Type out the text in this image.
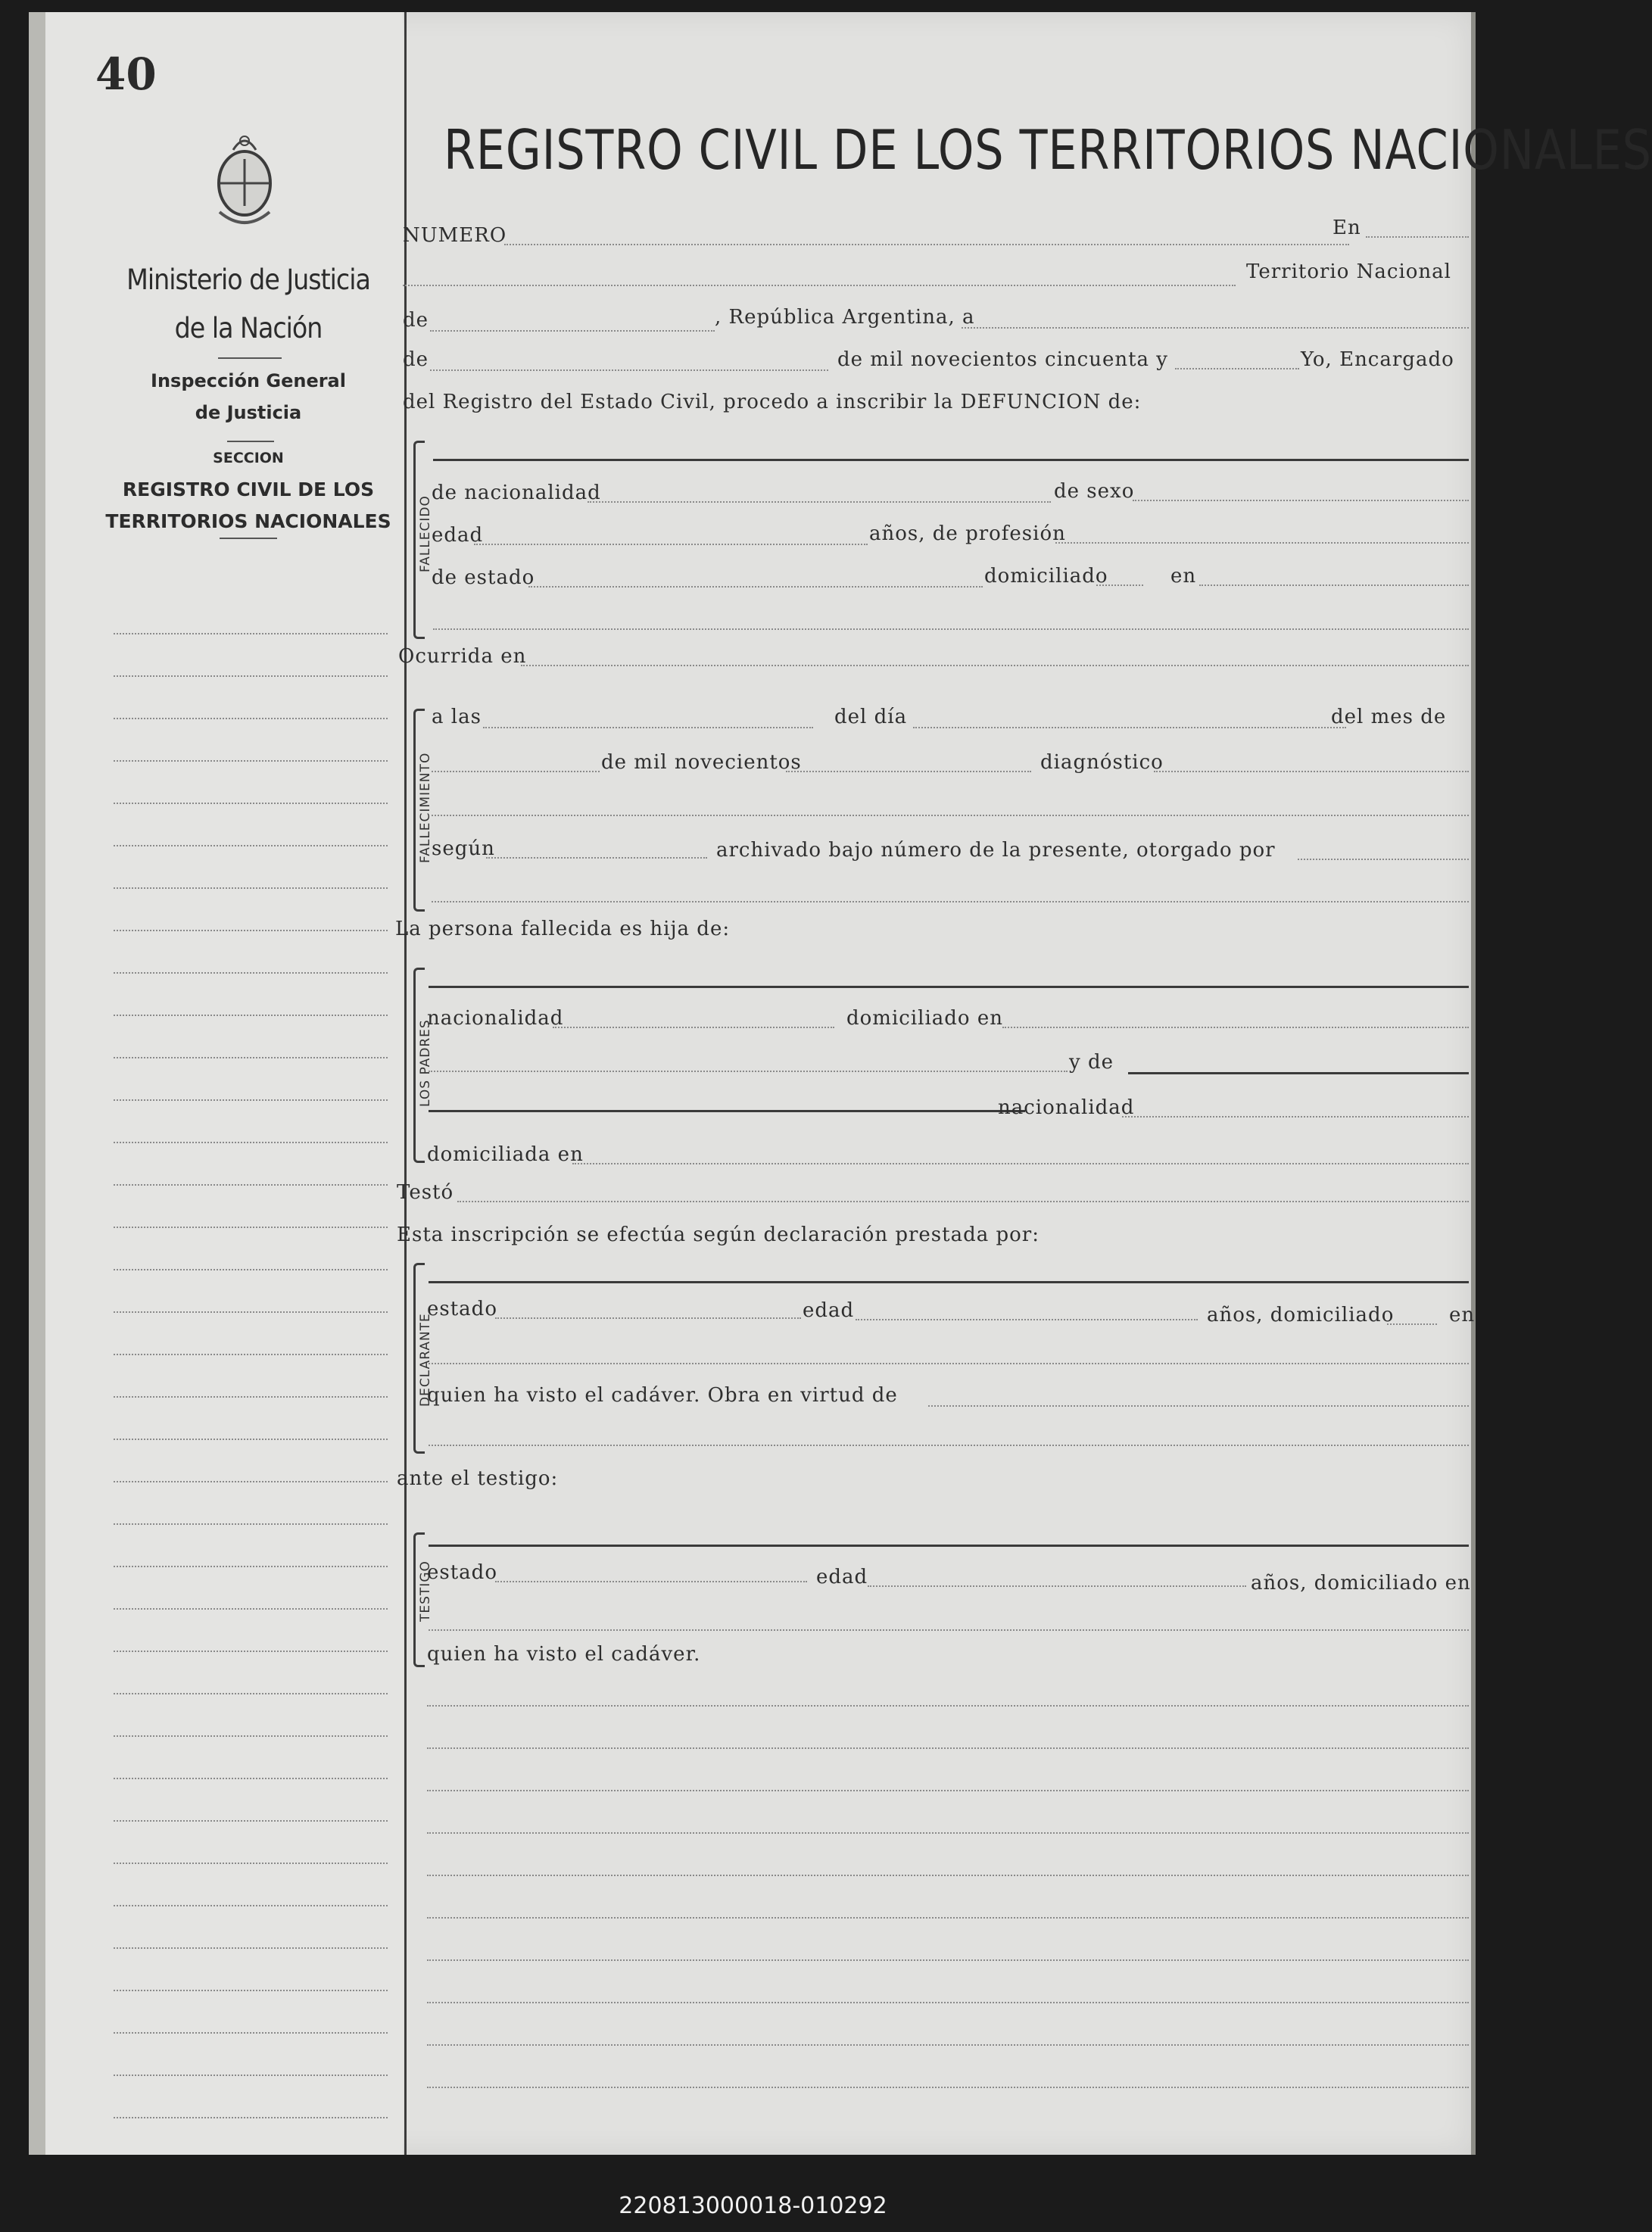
40
Ministerio de Justicia
de la Nación
Inspección General
de Justicia
SECCION
REGISTRO CIVIL DE LOS
TERRITORIOS NACIONALES
REGISTRO CIVIL DE LOS TERRITORIOS NACIONALES
NUMERO	En
Territorio Nacional
de	, República Argentina, a
de	de mil novecientos cincuenta y	Yo, Encargado
del Registro del Estado Civil, procedo a inscribir la DEFUNCION de:
FALLECIDO
de nacionalidad	de sexo
edad	años, de profesión
de estado	domiciliado	en
Ocurrida en
FALLECIMIENTO
a las	del día	del mes de
de mil novecientos	diagnóstico
según	archivado bajo número de la presente, otorgado por
La persona fallecida es hija de:
LOS PADRES
nacionalidad	domiciliado en
y de
nacionalidad
domiciliada en
Testó
Esta inscripción se efectúa según declaración prestada por:
DECLARANTE
estado	edad	años, domiciliado	en
quien ha visto el cadáver. Obra en virtud de
ante el testigo:
TESTIGO
estado	edad	años, domiciliado en
quien ha visto el cadáver.
220813000018-010292
